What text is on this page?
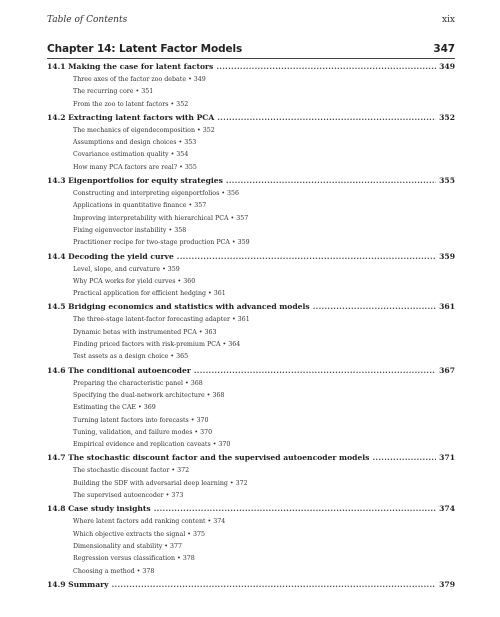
Table of Contents	xix
Chapter 14: Latent Factor Models	347
14.1 Making the case for latent factors .....	349
Three axes of the factor zoo debate • 349
The recurring core • 351
From the zoo to latent factors • 352
14.2 Extracting latent factors with PCA .....	352
The mechanics of eigendecomposition • 352
Assumptions and design choices • 353
Covariance estimation quality • 354
How many PCA factors are real? • 355
14.3 Eigenportfolios for equity strategies .....	355
Constructing and interpreting eigenportfolios • 356
Applications in quantitative finance • 357
Improving interpretability with hierarchical PCA • 357
Fixing eigenvector instability • 358
Practitioner recipe for two-stage production PCA • 359
14.4 Decoding the yield curve .....	359
Level, slope, and curvature • 359
Why PCA works for yield curves • 360
Practical application for efficient hedging • 361
14.5 Bridging economics and statistics with advanced models .....	361
The three-stage latent-factor forecasting adapter • 361
Dynamic betas with instrumented PCA • 363
Finding priced factors with risk-premium PCA • 364
Test assets as a design choice • 365
14.6 The conditional autoencoder .....	367
Preparing the characteristic panel • 368
Specifying the dual-network architecture • 368
Estimating the CAE • 369
Turning latent factors into forecasts • 370
Tuning, validation, and failure modes • 370
Empirical evidence and replication caveats • 370
14.7 The stochastic discount factor and the supervised autoencoder models .....	371
The stochastic discount factor • 372
Building the SDF with adversarial deep learning • 372
The supervised autoencoder • 373
14.8 Case study insights .....	374
Where latent factors add ranking content • 374
Which objective extracts the signal • 375
Dimensionality and stability • 377
Regression versus classification • 378
Choosing a method • 378
14.9 Summary .....	379
